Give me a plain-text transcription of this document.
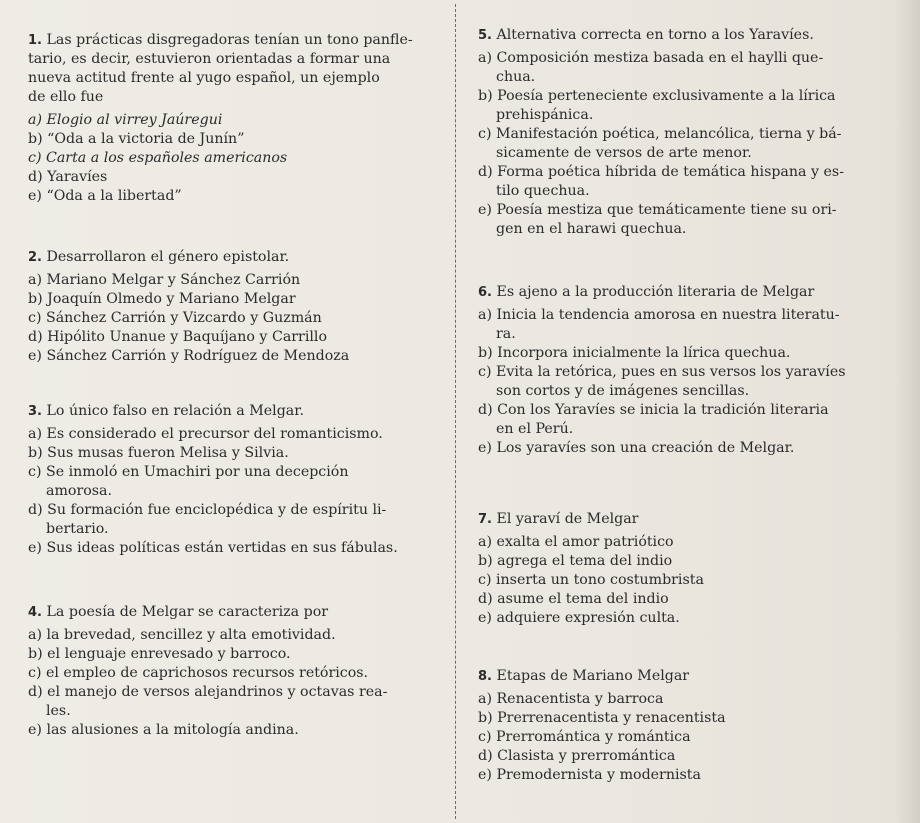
1. Las prácticas disgregadoras tenían un tono panfle-
tario, es decir, estuvieron orientadas a formar una
nueva actitud frente al yugo español, un ejemplo
de ello fue
a) Elogio al virrey Jaúregui
b) “Oda a la victoria de Junín”
c) Carta a los españoles americanos
d) Yaravíes
e) “Oda a la libertad”
2. Desarrollaron el género epistolar.
a) Mariano Melgar y Sánchez Carrión
b) Joaquín Olmedo y Mariano Melgar
c) Sánchez Carrión y Vizcardo y Guzmán
d) Hipólito Unanue y Baquíjano y Carrillo
e) Sánchez Carrión y Rodríguez de Mendoza
3. Lo único falso en relación a Melgar.
a) Es considerado el precursor del romanticismo.
b) Sus musas fueron Melisa y Silvia.
c) Se inmoló en Umachiri por una decepción
amorosa.
d) Su formación fue enciclopédica y de espíritu li-
bertario.
e) Sus ideas políticas están vertidas en sus fábulas.
4. La poesía de Melgar se caracteriza por
a) la brevedad, sencillez y alta emotividad.
b) el lenguaje enrevesado y barroco.
c) el empleo de caprichosos recursos retóricos.
d) el manejo de versos alejandrinos y octavas rea-
les.
e) las alusiones a la mitología andina.
5. Alternativa correcta en torno a los Yaravíes.
a) Composición mestiza basada en el haylli que-
chua.
b) Poesía perteneciente exclusivamente a la lírica
prehispánica.
c) Manifestación poética, melancólica, tierna y bá-
sicamente de versos de arte menor.
d) Forma poética híbrida de temática hispana y es-
tilo quechua.
e) Poesía mestiza que temáticamente tiene su ori-
gen en el harawi quechua.
6. Es ajeno a la producción literaria de Melgar
a) Inicia la tendencia amorosa en nuestra literatu-
ra.
b) Incorpora inicialmente la lírica quechua.
c) Evita la retórica, pues en sus versos los yaravíes
son cortos y de imágenes sencillas.
d) Con los Yaravíes se inicia la tradición literaria
en el Perú.
e) Los yaravíes son una creación de Melgar.
7. El yaraví de Melgar
a) exalta el amor patriótico
b) agrega el tema del indio
c) inserta un tono costumbrista
d) asume el tema del indio
e) adquiere expresión culta.
8. Etapas de Mariano Melgar
a) Renacentista y barroca
b) Prerrenacentista y renacentista
c) Prerromántica y romántica
d) Clasista y prerromántica
e) Premodernista y modernista
